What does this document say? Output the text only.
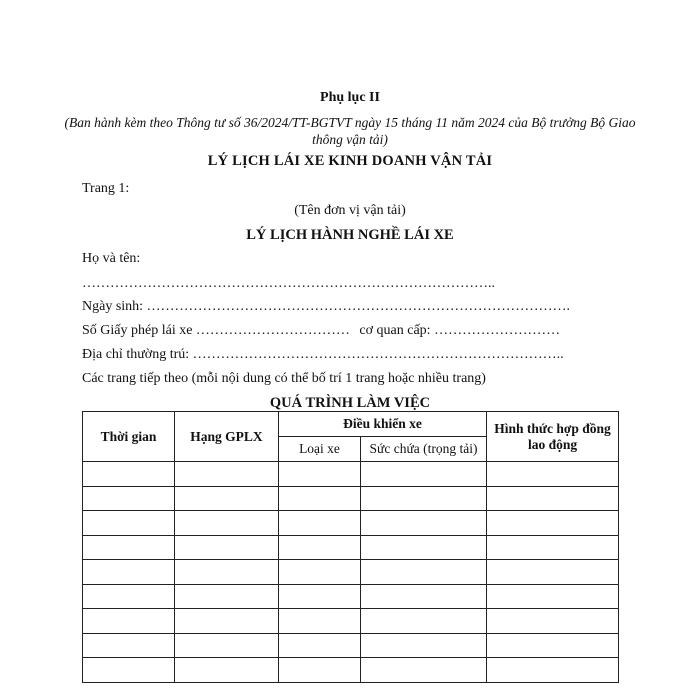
Phụ lục II
(Ban hành kèm theo Thông tư số 36/2024/TT-BGTVT ngày 15 tháng 11 năm 2024 của Bộ trưởng Bộ Giao thông vận tải)
LÝ LỊCH LÁI XE KINH DOANH VẬN TẢI
Trang 1:
(Tên đơn vị vận tải)
LÝ LỊCH HÀNH NGHỀ LÁI XE
Họ và tên:
……………………………………………………………………………..
Ngày sinh: ……………………………………………………………………………….
Số Giấy phép lái xe …………………………… cơ quan cấp: ………………………
Địa chỉ thường trú: ……………………………………………………………………..
Các trang tiếp theo (mỗi nội dung có thể bố trí 1 trang hoặc nhiều trang)
QUÁ TRÌNH LÀM VIỆC
Thời gian	Hạng GPLX	Điều khiển xe		Hình thức hợp đồng lao động
		Loại xe	Sức chứa (trọng tải)	
